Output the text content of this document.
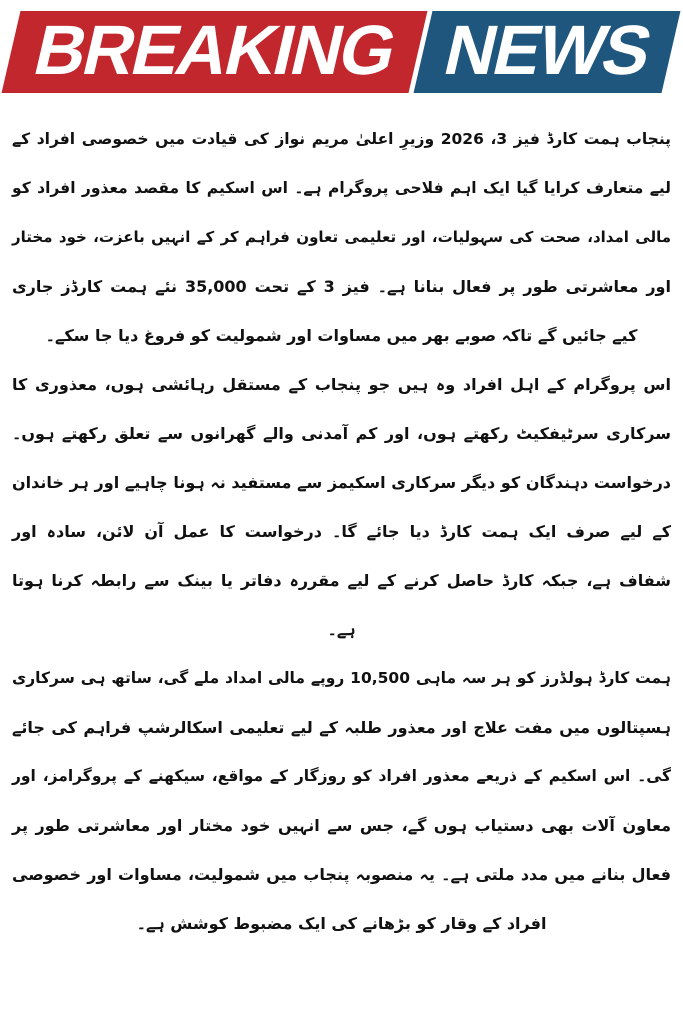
BREAKING NEWS
پنجاب ہمت کارڈ فیز 3، 2026 وزیرِ اعلیٰ مریم نواز کی قیادت میں خصوصی افراد کے
لیے متعارف کرایا گیا ایک اہم فلاحی پروگرام ہے۔ اس اسکیم کا مقصد معذور افراد کو
مالی امداد، صحت کی سہولیات، اور تعلیمی تعاون فراہم کر کے انہیں باعزت، خود مختار
اور معاشرتی طور پر فعال بنانا ہے۔ فیز 3 کے تحت 35,000 نئے ہمت کارڈز جاری
کیے جائیں گے تاکہ صوبے بھر میں مساوات اور شمولیت کو فروغ دیا جا سکے۔
اس پروگرام کے اہل افراد وہ ہیں جو پنجاب کے مستقل رہائشی ہوں، معذوری کا
سرکاری سرٹیفکیٹ رکھتے ہوں، اور کم آمدنی والے گھرانوں سے تعلق رکھتے ہوں۔
درخواست دہندگان کو دیگر سرکاری اسکیمز سے مستفید نہ ہونا چاہیے اور ہر خاندان
کے لیے صرف ایک ہمت کارڈ دیا جائے گا۔ درخواست کا عمل آن لائن، سادہ اور
شفاف ہے، جبکہ کارڈ حاصل کرنے کے لیے مقررہ دفاتر یا بینک سے رابطہ کرنا ہوتا
ہے۔
ہمت کارڈ ہولڈرز کو ہر سہ ماہی 10,500 روپے مالی امداد ملے گی، ساتھ ہی سرکاری
ہسپتالوں میں مفت علاج اور معذور طلبہ کے لیے تعلیمی اسکالرشپ فراہم کی جائے
گی۔ اس اسکیم کے ذریعے معذور افراد کو روزگار کے مواقع، سیکھنے کے پروگرامز، اور
معاون آلات بھی دستیاب ہوں گے، جس سے انہیں خود مختار اور معاشرتی طور پر
فعال بنانے میں مدد ملتی ہے۔ یہ منصوبہ پنجاب میں شمولیت، مساوات اور خصوصی
افراد کے وقار کو بڑھانے کی ایک مضبوط کوشش ہے۔
